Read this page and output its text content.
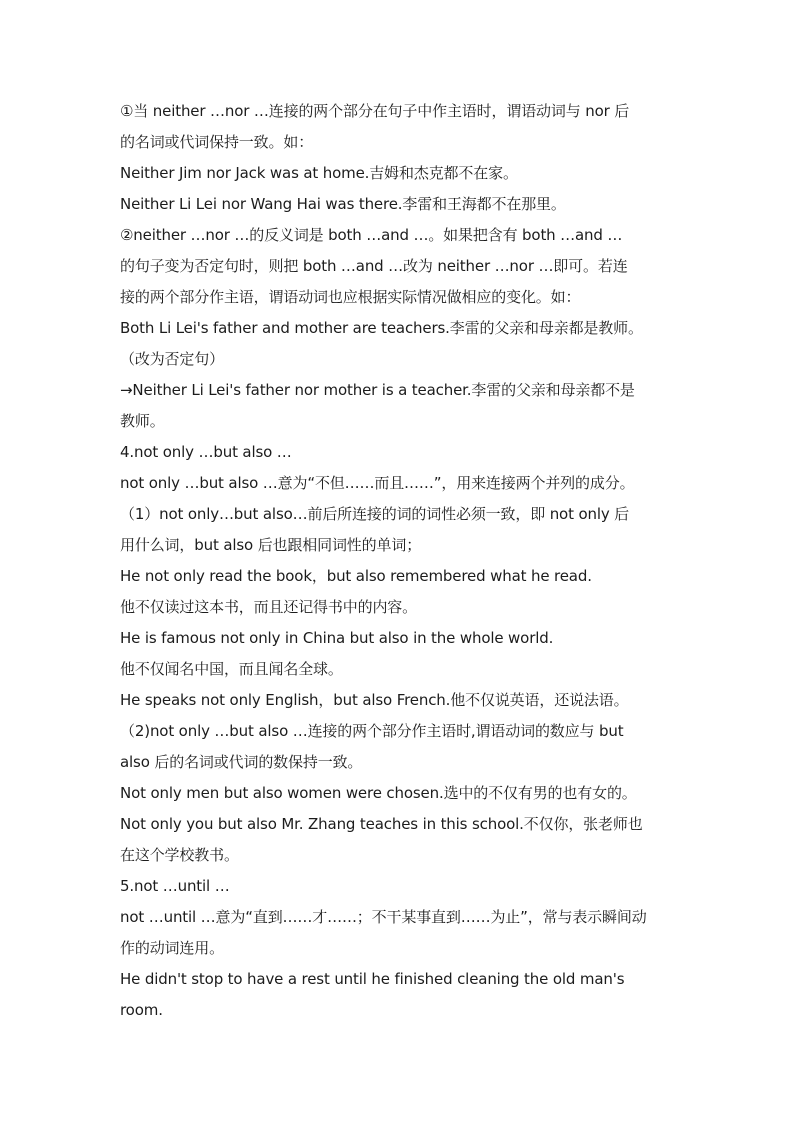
①当 neither …nor …连接的两个部分在句子中作主语时，谓语动词与 nor 后
的名词或代词保持一致。如：
Neither Jim nor Jack was at home.吉姆和杰克都不在家。
Neither Li Lei nor Wang Hai was there.李雷和王海都不在那里。
②neither …nor …的反义词是 both …and …。如果把含有 both …and …
的句子变为否定句时，则把 both …and …改为 neither …nor …即可。若连
接的两个部分作主语，谓语动词也应根据实际情况做相应的变化。如：
Both Li Lei's father and mother are teachers.李雷的父亲和母亲都是教师。
（改为否定句）
→Neither Li Lei's father nor mother is a teacher.李雷的父亲和母亲都不是
教师。
4.not only …but also …
not only …but also …意为“不但……而且……”，用来连接两个并列的成分。
（1）not only…but also…前后所连接的词的词性必须一致，即 not only 后
用什么词，but also 后也跟相同词性的单词；
He not only read the book，but also remembered what he read.
他不仅读过这本书，而且还记得书中的内容。
He is famous not only in China but also in the whole world.
他不仅闻名中国，而且闻名全球。
He speaks not only English，but also French.他不仅说英语，还说法语。
（2)not only …but also …连接的两个部分作主语时,谓语动词的数应与 but
also 后的名词或代词的数保持一致。
Not only men but also women were chosen.选中的不仅有男的也有女的。
Not only you but also Mr. Zhang teaches in this school.不仅你，张老师也
在这个学校教书。
5.not …until …
not …until …意为“直到……才……；不干某事直到……为止”，常与表示瞬间动
作的动词连用。
He didn't stop to have a rest until he finished cleaning the old man's
room.
